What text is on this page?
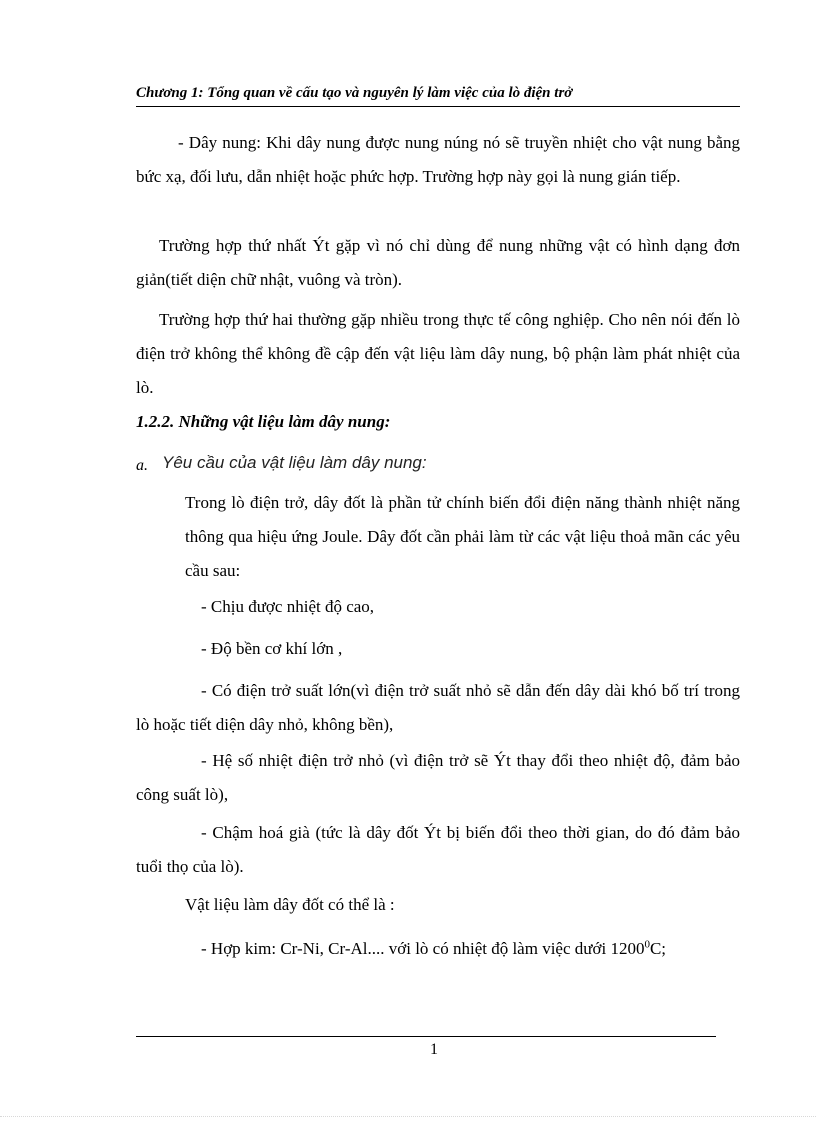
Chương 1: Tổng quan về cấu tạo và nguyên lý làm việc của lò điện trở

- Dây nung: Khi dây nung được nung núng nó sẽ truyền nhiệt cho vật nung bằng bức xạ, đối lưu, dẫn nhiệt hoặc phức hợp. Trường hợp này gọi là nung gián tiếp.

Trường hợp thứ nhất Ýt gặp vì nó chỉ dùng để nung những vật có hình dạng đơn giản(tiết diện chữ nhật, vuông và tròn).

Trường hợp thứ hai thường gặp nhiều trong thực tế công nghiệp. Cho nên nói đến lò điện trở không thể không đề cập đến vật liệu làm dây nung, bộ phận làm phát nhiệt của lò.

1.2.2. Những vật liệu làm dây nung:
a. Yêu cầu của vật liệu làm dây nung:

Trong lò điện trở, dây đốt là phần tử chính biến đổi điện năng thành nhiệt năng thông qua hiệu ứng Joule. Dây đốt cần phải làm từ các vật liệu thoả mãn các yêu cầu sau:

- Chịu được nhiệt độ cao,
- Độ bền cơ khí lớn ,

- Có điện trở suất lớn(vì điện trở suất nhỏ sẽ dẫn đến dây dài khó bố trí trong lò hoặc tiết diện dây nhỏ, không bền),

- Hệ số nhiệt điện trở nhỏ (vì điện trở sẽ Ýt thay đổi theo nhiệt độ, đảm bảo công suất lò),

- Chậm hoá già (tức là dây đốt Ýt bị biến đổi theo thời gian, do đó đảm bảo tuổi thọ của lò).

Vật liệu làm dây đốt có thể là :
- Hợp kim: Cr-Ni, Cr-Al.... với lò có nhiệt độ làm việc dưới 1200$^0$C;
1
